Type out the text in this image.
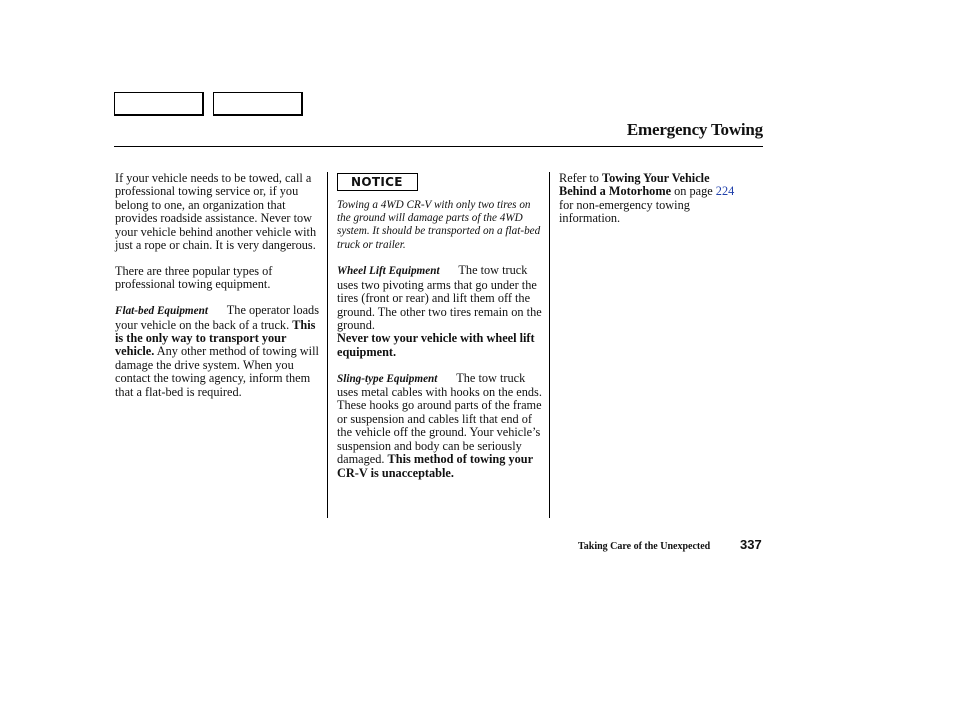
Emergency Towing

If your vehicle needs to be towed, call a professional towing service or, if you belong to one, an organization that provides roadside assistance. Never tow your vehicle behind another vehicle with just a rope or chain. It is very dangerous.

There are three popular types of professional towing equipment.

Flat-bed Equipment The operator loads your vehicle on the back of a truck. This is the only way to transport your vehicle. Any other method of towing will damage the drive system. When you contact the towing agency, inform them that a flat-bed is required.

NOTICE
Towing a 4WD CR-V with only two tires on the ground will damage parts of the 4WD system. It should be transported on a flat-bed truck or trailer.

Wheel Lift Equipment The tow truck uses two pivoting arms that go under the tires (front or rear) and lift them off the ground. The other two tires remain on the ground.
Never tow your vehicle with wheel lift equipment.

Sling-type Equipment The tow truck uses metal cables with hooks on the ends. These hooks go around parts of the frame or suspension and cables lift that end of the vehicle off the ground. Your vehicle’s suspension and body can be seriously damaged. This method of towing your CR-V is unacceptable.

Refer to Towing Your Vehicle Behind a Motorhome on page 224 for non-emergency towing information.

Taking Care of the Unexpected 337
